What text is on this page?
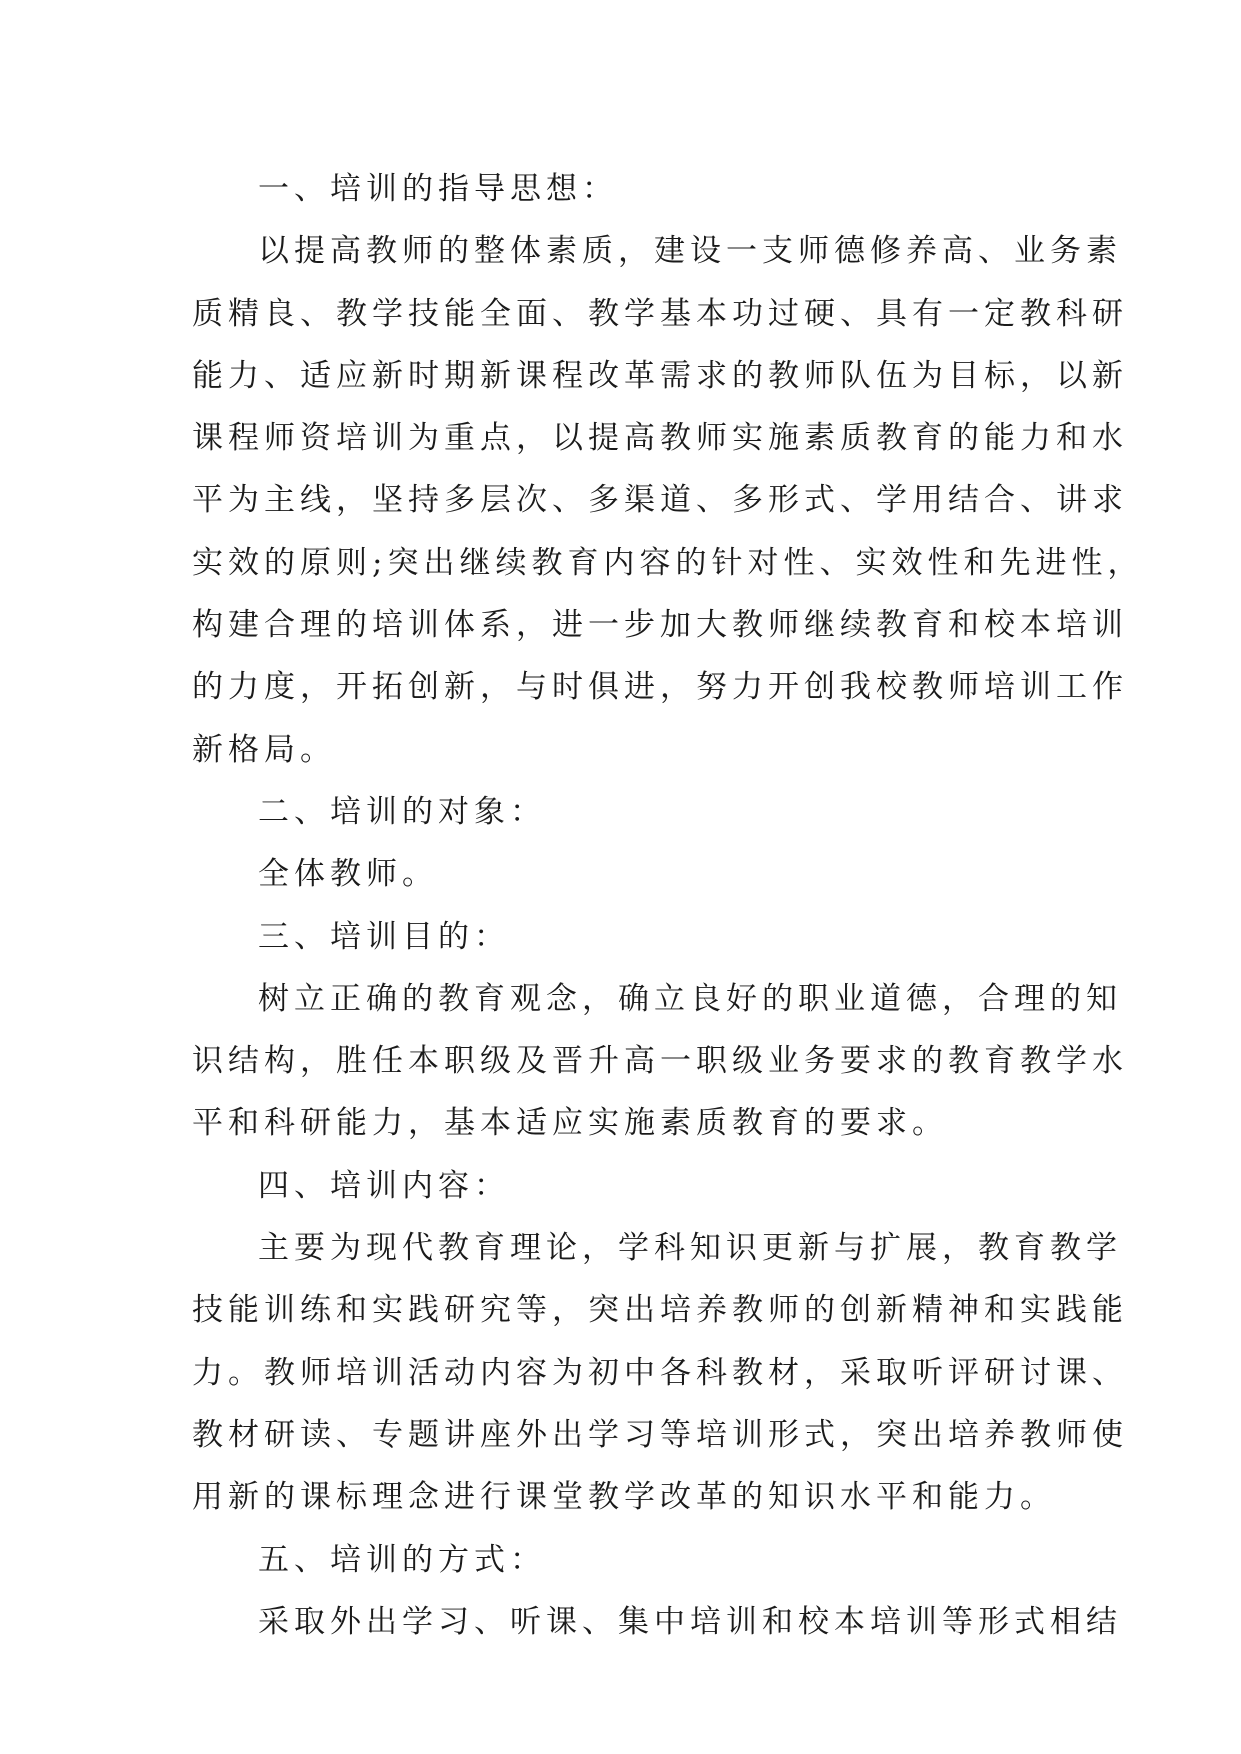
一、培训的指导思想：
以提高教师的整体素质，建设一支师德修养高、业务素
质精良、教学技能全面、教学基本功过硬、具有一定教科研
能力、适应新时期新课程改革需求的教师队伍为目标，以新
课程师资培训为重点，以提高教师实施素质教育的能力和水
平为主线，坚持多层次、多渠道、多形式、学用结合、讲求
实效的原则;突出继续教育内容的针对性、实效性和先进性，
构建合理的培训体系，进一步加大教师继续教育和校本培训
的力度，开拓创新，与时俱进，努力开创我校教师培训工作
新格局。
二、培训的对象：
全体教师。
三、培训目的：
树立正确的教育观念，确立良好的职业道德，合理的知
识结构，胜任本职级及晋升高一职级业务要求的教育教学水
平和科研能力，基本适应实施素质教育的要求。
四、培训内容：
主要为现代教育理论，学科知识更新与扩展，教育教学
技能训练和实践研究等，突出培养教师的创新精神和实践能
力。教师培训活动内容为初中各科教材，采取听评研讨课、
教材研读、专题讲座外出学习等培训形式，突出培养教师使
用新的课标理念进行课堂教学改革的知识水平和能力。
五、培训的方式：
采取外出学习、听课、集中培训和校本培训等形式相结
